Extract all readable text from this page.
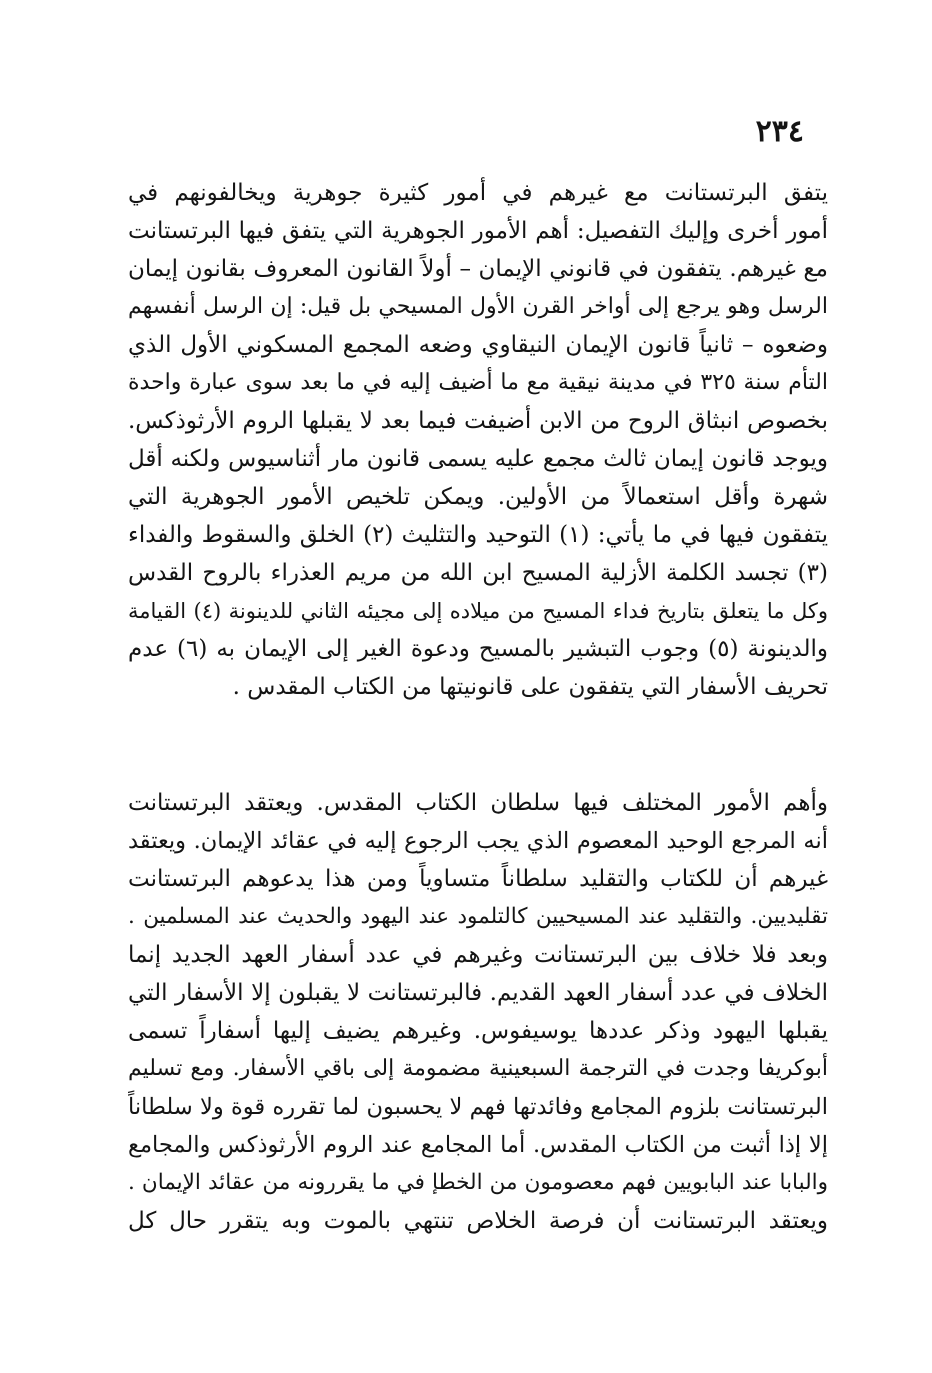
٢٣٤
يتفق البرتستانت مع غيرهم في أمور كثيرة جوهرية ويخالفونهم في
أمور أخرى وإليك التفصيل: أهم الأمور الجوهرية التي يتفق فيها البرتستانت
مع غيرهم. يتفقون في قانوني الإيمان – أولاً القانون المعروف بقانون إيمان
الرسل وهو يرجع إلى أواخر القرن الأول المسيحي بل قيل: إن الرسل أنفسهم
وضعوه – ثانياً قانون الإيمان النيقاوي وضعه المجمع المسكوني الأول الذي
التأم سنة ٣٢٥ في مدينة نيقية مع ما أضيف إليه في ما بعد سوى عبارة واحدة
بخصوص انبثاق الروح من الابن أضيفت فيما بعد لا يقبلها الروم الأرثوذكس.
ويوجد قانون إيمان ثالث مجمع عليه يسمى قانون مار أثناسيوس ولكنه أقل
شهرة وأقل استعمالاً من الأولين. ويمكن تلخيص الأمور الجوهرية التي
يتفقون فيها في ما يأتي: (١) التوحيد والتثليث (٢) الخلق والسقوط والفداء
(٣) تجسد الكلمة الأزلية المسيح ابن الله من مريم العذراء بالروح القدس
وكل ما يتعلق بتاريخ فداء المسيح من ميلاده إلى مجيئه الثاني للدينونة (٤) القيامة
والدينونة (٥) وجوب التبشير بالمسيح ودعوة الغير إلى الإيمان به (٦) عدم
تحريف الأسفار التي يتفقون على قانونيتها من الكتاب المقدس .
وأهم الأمور المختلف فيها سلطان الكتاب المقدس. ويعتقد البرتستانت
أنه المرجع الوحيد المعصوم الذي يجب الرجوع إليه في عقائد الإيمان. ويعتقد
غيرهم أن للكتاب والتقليد سلطاناً متساوياً ومن هذا يدعوهم البرتستانت
تقليديين. والتقليد عند المسيحيين كالتلمود عند اليهود والحديث عند المسلمين .
وبعد فلا خلاف بين البرتستانت وغيرهم في عدد أسفار العهد الجديد إنما
الخلاف في عدد أسفار العهد القديم. فالبرتستانت لا يقبلون إلا الأسفار التي
يقبلها اليهود وذكر عددها يوسيفوس. وغيرهم يضيف إليها أسفاراً تسمى
أبوكريفا وجدت في الترجمة السبعينية مضمومة إلى باقي الأسفار. ومع تسليم
البرتستانت بلزوم المجامع وفائدتها فهم لا يحسبون لما تقرره قوة ولا سلطاناً
إلا إذا أثبت من الكتاب المقدس. أما المجامع عند الروم الأرثوذكس والمجامع
والبابا عند البابويين فهم معصومون من الخطإ في ما يقررونه من عقائد الإيمان .
ويعتقد البرتستانت أن فرصة الخلاص تنتهي بالموت وبه يتقرر حال كل
